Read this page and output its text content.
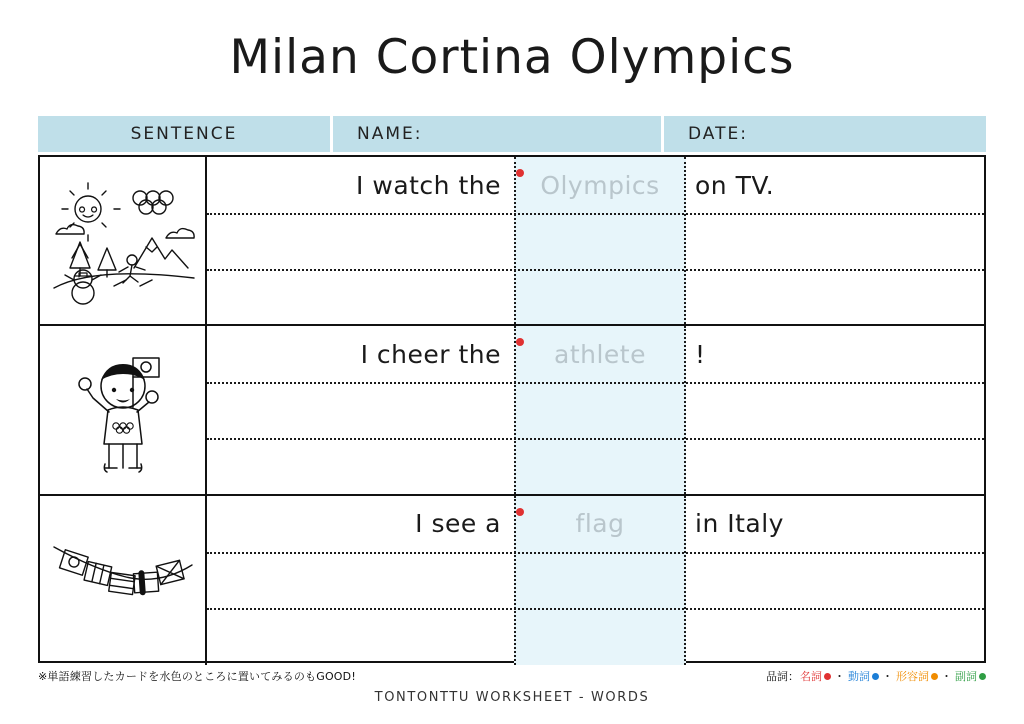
Milan Cortina Olympics
SENTENCE	NAME:	DATE:
I watch the	Olympics	on TV.
I cheer the	athlete	!
I see a	flag	in Italy
※単語練習したカードを水色のところに置いてみるのもGOOD!	品詞： 名詞 ・ 動詞 ・ 形容詞 ・ 副詞
TONTONTTU WORKSHEET - WORDS
